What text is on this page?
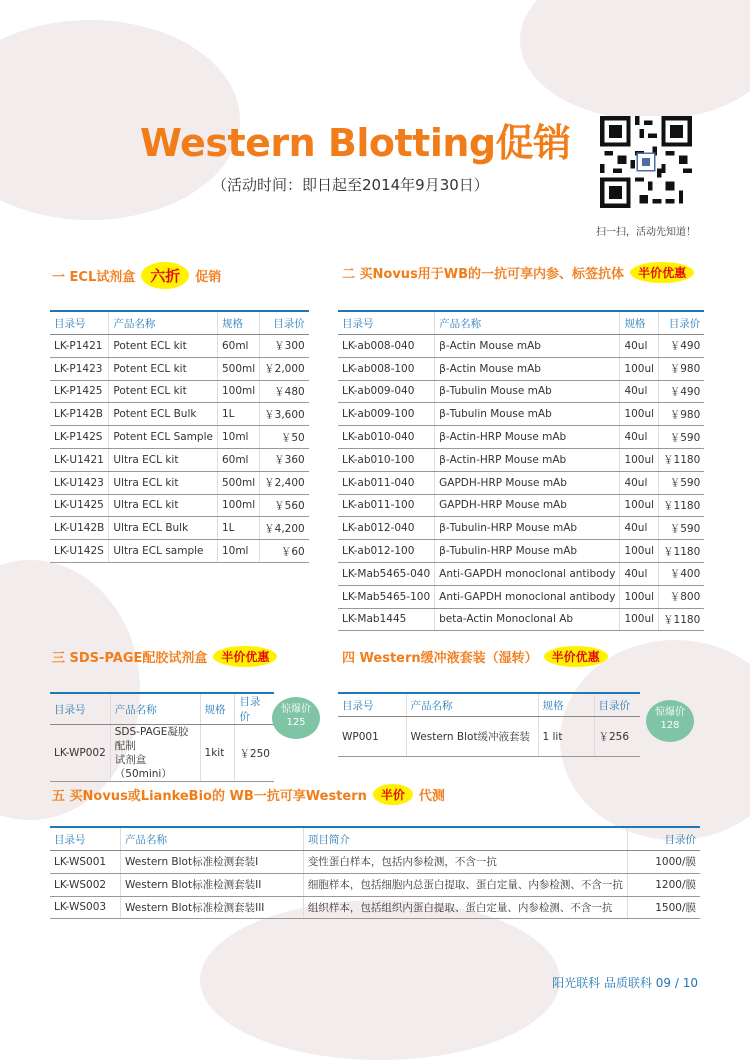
Western Blotting促销
（活动时间：即日起至2014年9月30日）
扫一扫，活动先知道！
一 ECL试剂盒	六折	促销
目录号	产品名称	规格	目录价
LK-P1421	Potent ECL kit	60ml	￥300
LK-P1423	Potent ECL kit	500ml	￥2,000
LK-P1425	Potent ECL kit	100ml	￥480
LK-P142B	Potent ECL Bulk	1L	￥3,600
LK-P142S	Potent ECL Sample	10ml	￥50
LK-U1421	Ultra ECL kit	60ml	￥360
LK-U1423	Ultra ECL kit	500ml	￥2,400
LK-U1425	Ultra ECL kit	100ml	￥560
LK-U142B	Ultra ECL Bulk	1L	￥4,200
LK-U142S	Ultra ECL sample	10ml	￥60
二 买Novus用于WB的一抗可享内参、标签抗体	半价优惠
目录号	产品名称	规格	目录价
LK-ab008-040	β-Actin Mouse mAb	40ul	￥490
LK-ab008-100	β-Actin Mouse mAb	100ul	￥980
LK-ab009-040	β-Tubulin Mouse mAb	40ul	￥490
LK-ab009-100	β-Tubulin Mouse mAb	100ul	￥980
LK-ab010-040	β-Actin-HRP Mouse mAb	40ul	￥590
LK-ab010-100	β-Actin-HRP Mouse mAb	100ul	￥1180
LK-ab011-040	GAPDH-HRP Mouse mAb	40ul	￥590
LK-ab011-100	GAPDH-HRP Mouse mAb	100ul	￥1180
LK-ab012-040	β-Tubulin-HRP Mouse mAb	40ul	￥590
LK-ab012-100	β-Tubulin-HRP Mouse mAb	100ul	￥1180
LK-Mab5465-040	Anti-GAPDH monoclonal antibody	40ul	￥400
LK-Mab5465-100	Anti-GAPDH monoclonal antibody	100ul	￥800
LK-Mab1445	beta-Actin Monoclonal Ab	100ul	￥1180
三 SDS-PAGE配胶试剂盒	半价优惠
目录号	产品名称	规格	目录价
LK-WP002	SDS-PAGE凝胶配制
试剂盒（50mini）	1kit	￥250
惊爆价
125
四 Western缓冲液套装（湿转）	半价优惠
目录号	产品名称	规格	目录价
WP001	Western Blot缓冲液套装	1 lit	￥256
惊爆价
128
五 买Novus或LiankeBio的 WB一抗可享Western	半价	代测
目录号	产品名称	项目简介	目录价
LK-WS001	Western Blot标准检测套装I	变性蛋白样本，包括内参检测，不含一抗	1000/膜
LK-WS002	Western Blot标准检测套装II	细胞样本，包括细胞内总蛋白提取、蛋白定量、内参检测、不含一抗	1200/膜
LK-WS003	Western Blot标准检测套装III	组织样本，包括组织内蛋白提取、蛋白定量、内参检测、不含一抗	1500/膜
阳光联科 品质联科 09 / 10
